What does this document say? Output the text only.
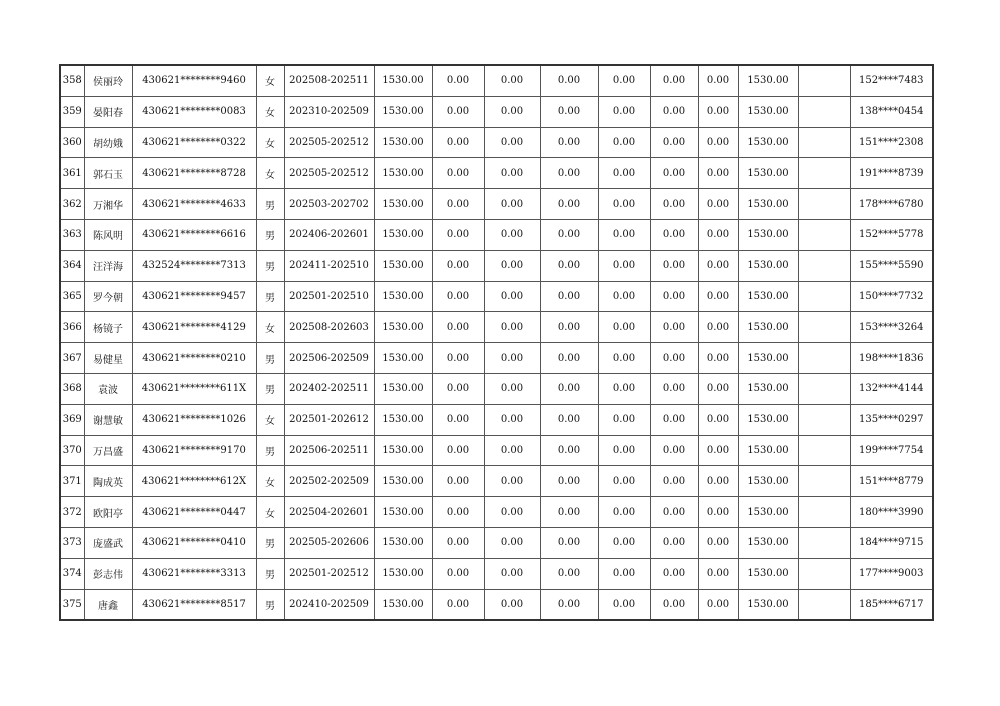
358	侯丽玲	430621********9460	女	202508-202511	1530.00	0.00	0.00	0.00	0.00	0.00	0.00	1530.00		152****7483
359	晏阳春	430621********0083	女	202310-202509	1530.00	0.00	0.00	0.00	0.00	0.00	0.00	1530.00		138****0454
360	胡幼娥	430621********0322	女	202505-202512	1530.00	0.00	0.00	0.00	0.00	0.00	0.00	1530.00		151****2308
361	郭石玉	430621********8728	女	202505-202512	1530.00	0.00	0.00	0.00	0.00	0.00	0.00	1530.00		191****8739
362	万湘华	430621********4633	男	202503-202702	1530.00	0.00	0.00	0.00	0.00	0.00	0.00	1530.00		178****6780
363	陈风明	430621********6616	男	202406-202601	1530.00	0.00	0.00	0.00	0.00	0.00	0.00	1530.00		152****5778
364	汪洋海	432524********7313	男	202411-202510	1530.00	0.00	0.00	0.00	0.00	0.00	0.00	1530.00		155****5590
365	罗今朝	430621********9457	男	202501-202510	1530.00	0.00	0.00	0.00	0.00	0.00	0.00	1530.00		150****7732
366	杨镜子	430621********4129	女	202508-202603	1530.00	0.00	0.00	0.00	0.00	0.00	0.00	1530.00		153****3264
367	易健星	430621********0210	男	202506-202509	1530.00	0.00	0.00	0.00	0.00	0.00	0.00	1530.00		198****1836
368	袁波	430621********611X	男	202402-202511	1530.00	0.00	0.00	0.00	0.00	0.00	0.00	1530.00		132****4144
369	谢慧敏	430621********1026	女	202501-202612	1530.00	0.00	0.00	0.00	0.00	0.00	0.00	1530.00		135****0297
370	万昌盛	430621********9170	男	202506-202511	1530.00	0.00	0.00	0.00	0.00	0.00	0.00	1530.00		199****7754
371	陶成英	430621********612X	女	202502-202509	1530.00	0.00	0.00	0.00	0.00	0.00	0.00	1530.00		151****8779
372	欧阳亭	430621********0447	女	202504-202601	1530.00	0.00	0.00	0.00	0.00	0.00	0.00	1530.00		180****3990
373	庞盛武	430621********0410	男	202505-202606	1530.00	0.00	0.00	0.00	0.00	0.00	0.00	1530.00		184****9715
374	彭志伟	430621********3313	男	202501-202512	1530.00	0.00	0.00	0.00	0.00	0.00	0.00	1530.00		177****9003
375	唐鑫	430621********8517	男	202410-202509	1530.00	0.00	0.00	0.00	0.00	0.00	0.00	1530.00		185****6717
